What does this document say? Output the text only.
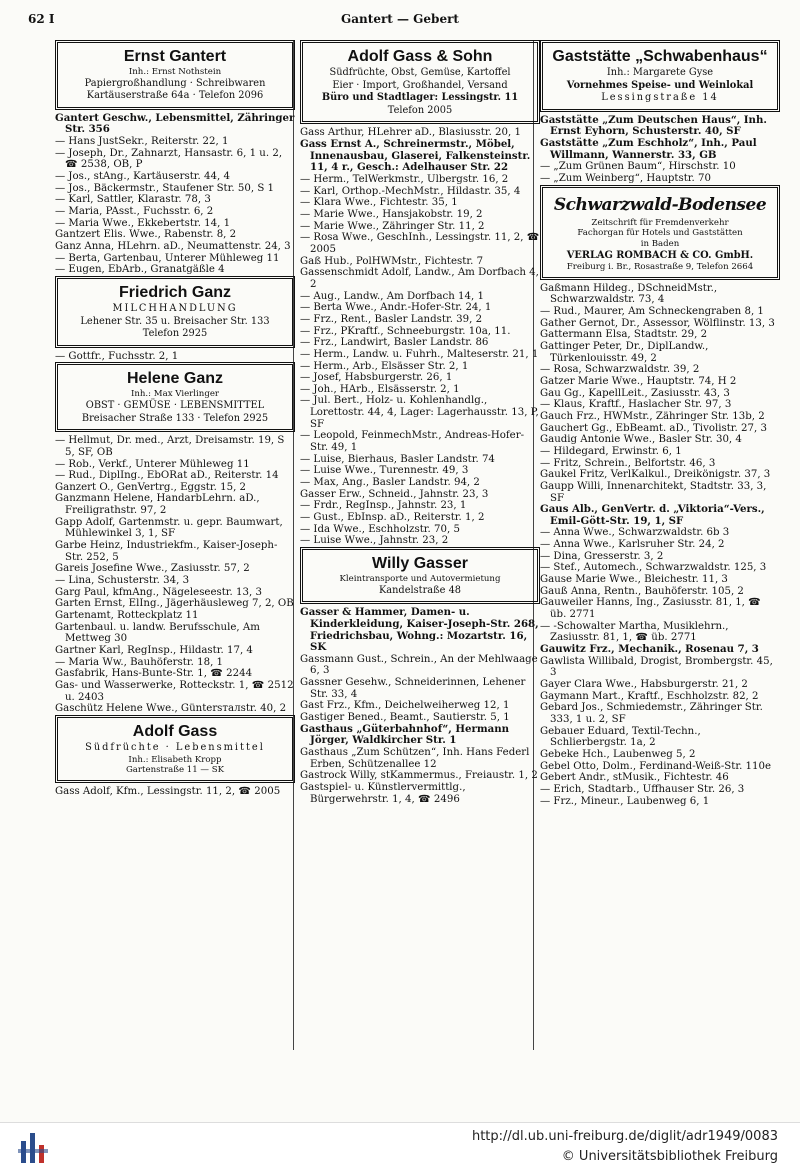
62 I	Gantert — Gebert
Ernst Gantert
Inh.: Ernst Nothstein
Papiergroßhandlung · Schreibwaren
Kartäuserstraße 64a · Telefon 2096
Gantert Geschw., Lebensmittel, Zähringer Str. 356
— Hans JustSekr., Reiterstr. 22, 1
— Joseph, Dr., Zahnarzt, Hansastr. 6, 1 u. 2, ☎ 2538, OB, P
— Jos., stAng., Kartäuserstr. 44, 4
— Jos., Bäckermstr., Staufener Str. 50, S 1
— Karl, Sattler, Klarastr. 78, 3
— Maria, PAsst., Fuchsstr. 6, 2
— Maria Wwe., Ekkebertstr. 14, 1
Gantzert Elis. Wwe., Rabenstr. 8, 2
Ganz Anna, HLehrn. aD., Neumattenstr. 24, 3
— Berta, Gartenbau, Unterer Mühleweg 11
— Eugen, EbArb., Granatgäßle 4
Friedrich Ganz
MILCHHANDLUNG
Lehener Str. 35 u. Breisacher Str. 133
Telefon 2925
— Gottfr., Fuchsstr. 2, 1
Helene Ganz
Inh.: Max Vierlinger
OBST · GEMÜSE · LEBENSMITTEL
Breisacher Straße 133 · Telefon 2925
— Hellmut, Dr. med., Arzt, Dreisamstr. 19, S 5, SF, OB
— Rob., Verkf., Unterer Mühleweg 11
— Rud., DiplIng., EbORat aD., Reiterstr. 14
Ganzert O., GenVertrg., Eggstr. 15, 2
Ganzmann Helene, HandarbLehrn. aD., Freiligrathstr. 97, 2
Gapp Adolf, Gartenmstr. u. gepr. Baumwart, Mühlewinkel 3, 1, SF
Garbe Heinz, Industriekfm., Kaiser-Joseph-Str. 252, 5
Gareis Josefine Wwe., Zasiusstr. 57, 2
— Lina, Schusterstr. 34, 3
Garg Paul, kfmAng., Nägeleseestr. 13, 3
Garten Ernst, ElIng., Jägerhäusleweg 7, 2, OB
Gartenamt, Rotteckplatz 11
Gartenbaul. u. landw. Berufsschule, Am Mettweg 30
Gartner Karl, RegInsp., Hildastr. 17, 4
— Maria Ww., Bauhöferstr. 18, 1
Gasfabrik, Hans-Bunte-Str. 1, ☎ 2244
Gas- und Wasserwerke, Rotteckstr. 1, ☎ 2512 u. 2403
Gaschütz Helene Wwe., Güntersталstr. 40, 2
Adolf Gass
Südfrüchte · Lebensmittel
Inh.: Elisabeth Kropp
Gartenstraße 11 — SK
Gass Adolf, Kfm., Lessingstr. 11, 2, ☎ 2005
Adolf Gass & Sohn
Südfrüchte, Obst, Gemüse, Kartoffel
Eier · Import, Großhandel, Versand
Büro und Stadtlager: Lessingstr. 11
Telefon 2005
Gass Arthur, HLehrer aD., Blasiusstr. 20, 1
Gass Ernst A., Schreinermstr., Möbel, Innenausbau, Glaserei, Falkensteinstr. 11, 4 r., Gesch.: Adelhauser Str. 22
— Herm., TelWerkmstr., Ulbergstr. 16, 2
— Karl, Orthop.-MechMstr., Hildastr. 35, 4
— Klara Wwe., Fichtestr. 35, 1
— Marie Wwe., Hansjakobstr. 19, 2
— Marie Wwe., Zähringer Str. 11, 2
— Rosa Wwe., GeschInh., Lessingstr. 11, 2, ☎ 2005
Gaß Hub., PolHWMstr., Fichtestr. 7
Gassenschmidt Adolf, Landw., Am Dorfbach 4, 2
— Aug., Landw., Am Dorfbach 14, 1
— Berta Wwe., Andr.-Hofer-Str. 24, 1
— Frz., Rent., Basler Landstr. 39, 2
— Frz., PKraftf., Schneeburgstr. 10a, 11.
— Frz., Landwirt, Basler Landstr. 86
— Herm., Landw. u. Fuhrh., Malteserstr. 21, 1
— Herm., Arb., Elsässer Str. 2, 1
— Josef, Habsburgerstr. 26, 1
— Joh., HArb., Elsässerstr. 2, 1
— Jul. Bert., Holz- u. Kohlenhandlg., Lorettostr. 44, 4, Lager: Lagerhausstr. 13, P, SF
— Leopold, FeinmechMstr., Andreas-Hofer-Str. 49, 1
— Luise, Bierhaus, Basler Landstr. 74
— Luise Wwe., Turennestr. 49, 3
— Max, Ang., Basler Landstr. 94, 2
Gasser Erw., Schneid., Jahnstr. 23, 3
— Frdr., RegInsp., Jahnstr. 23, 1
— Gust., EbInsp. aD., Reiterstr. 1, 2
— Ida Wwe., Eschholzstr. 70, 5
— Luise Wwe., Jahnstr. 23, 2
Willy Gasser
Kleintransporte und Autovermietung
Kandelstraße 48
Gasser & Hammer, Damen- u. Kinderkleidung, Kaiser-Joseph-Str. 268, Friedrichsbau, Wohng.: Mozartstr. 16, SK
Gassmann Gust., Schrein., An der Mehlwaage 6, 3
Gassner Gesehw., Schneiderinnen, Lehener Str. 33, 4
Gast Frz., Kfm., Deichelweiherweg 12, 1
Gastiger Bened., Beamt., Sautierstr. 5, 1
Gasthaus „Güterbahnhof“, Hermann Jörger, Waldkircher Str. 1
Gasthaus „Zum Schützen“, Inh. Hans Federl Erben, Schützenallee 12
Gastrock Willy, stKammermus., Freiaustr. 1, 2
Gastspiel- u. Künstlervermittlg., Bürgerwehrstr. 1, 4, ☎ 2496
Gaststätte „Schwabenhaus“
Inh.: Margarete Gyse
Vornehmes Speise- und Weinlokal
Lessingstraße 14
Gaststätte „Zum Deutschen Haus“, Inh. Ernst Eyhorn, Schusterstr. 40, SF
Gaststätte „Zum Eschholz“, Inh., Paul Willmann, Wannerstr. 33, GB
— „Zum Grünen Baum“, Hirschstr. 10
— „Zum Weinberg“, Hauptstr. 70
Schwarzwald-Bodensee
Zeitschrift für Fremdenverkehr
Fachorgan für Hotels und Gaststätten
in Baden
VERLAG ROMBACH & CO. GmbH.
Freiburg i. Br., Rosastraße 9, Telefon 2664
Gaßmann Hildeg., DSchneidMstr., Schwarzwaldstr. 73, 4
— Rud., Maurer, Am Schneckengraben 8, 1
Gather Gernot, Dr., Assessor, Wölflinstr. 13, 3
Gattermann Elsa, Stadtstr. 29, 2
Gattinger Peter, Dr., DiplLandw., Türkenlouisstr. 49, 2
— Rosa, Schwarzwaldstr. 39, 2
Gatzer Marie Wwe., Hauptstr. 74, H 2
Gau Gg., KapellLeit., Zasiusstr. 43, 3
— Klaus, Kraftf., Haslacher Str. 97, 3
Gauch Frz., HWMstr., Zähringer Str. 13b, 2
Gauchert Gg., EbBeamt. aD., Tivolistr. 27, 3
Gaudig Antonie Wwe., Basler Str. 30, 4
— Hildegard, Erwinstr. 6, 1
— Fritz, Schrein., Belfortstr. 46, 3
Gaukel Fritz, VerlKalkul., Dreikönigstr. 37, 3
Gaupp Willi, Innenarchitekt, Stadtstr. 33, 3, SF
Gaus Alb., GenVertr. d. „Viktoria“-Vers., Emil-Gött-Str. 19, 1, SF
— Anna Wwe., Schwarzwaldstr. 6b 3
— Anna Wwe., Karlsruher Str. 24, 2
— Dina, Gresserstr. 3, 2
— Stef., Automech., Schwarzwaldstr. 125, 3
Gause Marie Wwe., Bleichestr. 11, 3
Gauß Anna, Rentn., Bauhöferstr. 105, 2
Gauweiler Hanns, Ing., Zasiusstr. 81, 1, ☎ üb. 2771
— -Schowalter Martha, Musiklehrn., Zasiusstr. 81, 1, ☎ üb. 2771
Gauwitz Frz., Mechanik., Rosenau 7, 3
Gawlista Willibald, Drogist, Brombergstr. 45, 3
Gayer Clara Wwe., Habsburgerstr. 21, 2
Gaymann Mart., Kraftf., Eschholzstr. 82, 2
Gebard Jos., Schmiedemstr., Zähringer Str. 333, 1 u. 2, SF
Gebauer Eduard, Textil-Techn., Schlierbergstr. 1a, 2
Gebeke Hch., Laubenweg 5, 2
Gebel Otto, Dolm., Ferdinand-Weiß-Str. 110e
Gebert Andr., stMusik., Fichtestr. 46
— Erich, Stadtarb., Uffhauser Str. 26, 3
— Frz., Mineur., Laubenweg 6, 1
http://dl.ub.uni-freiburg.de/diglit/adr1949/0083
© Universitätsbibliothek Freiburg
